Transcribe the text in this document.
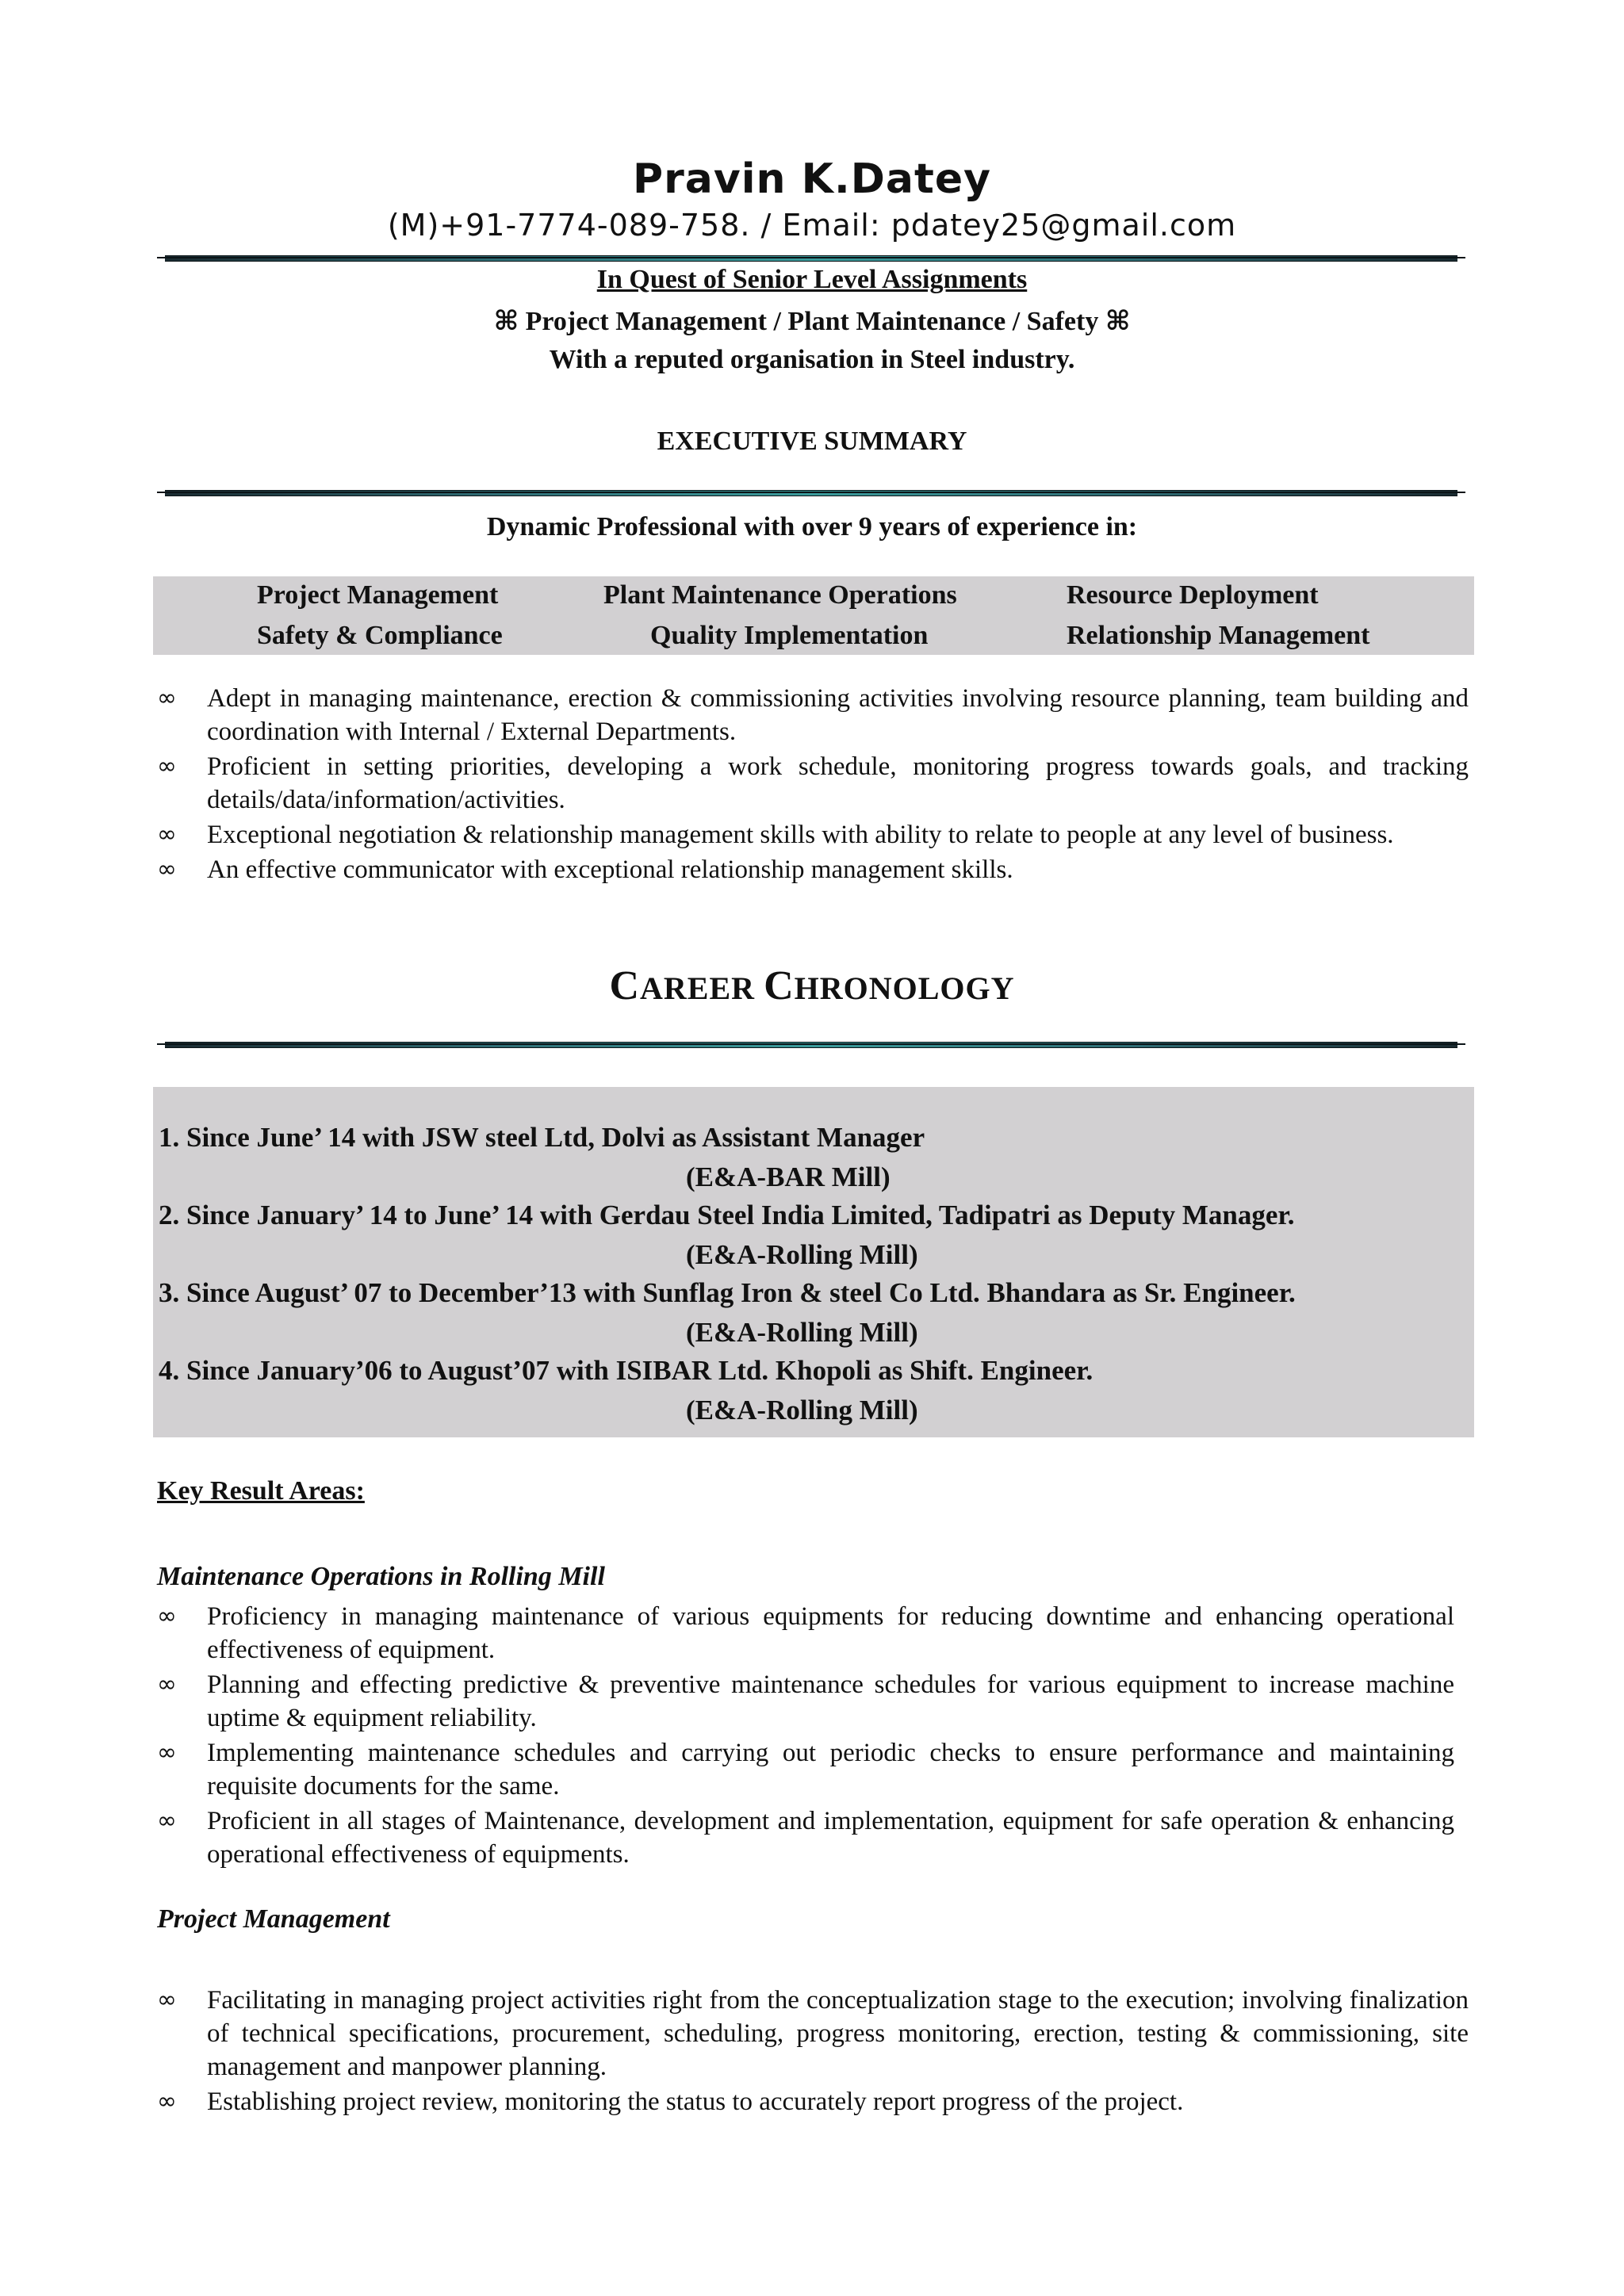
Pravin K.Datey
(M)+91-7774-089-758. / Email: pdatey25@gmail.com
In Quest of Senior Level Assignments
⌘ Project Management / Plant Maintenance / Safety ⌘
With a reputed organisation in Steel industry.
EXECUTIVE SUMMARY
Dynamic Professional with over 9 years of experience in:
Project Management	Plant Maintenance Operations	Resource Deployment
Safety & Compliance	Quality Implementation	Relationship Management
∞	Adept in managing maintenance, erection & commissioning activities involving resource planning, team building and coordination with Internal / External Departments.
∞	Proficient in setting priorities, developing a work schedule, monitoring progress towards goals, and tracking details/data/information/activities.
∞	Exceptional negotiation & relationship management skills with ability to relate to people at any level of business.
∞	An effective communicator with exceptional relationship management skills.
CAREER CHRONOLOGY
1. Since June’ 14 with JSW steel Ltd, Dolvi as Assistant Manager
(E&A-BAR Mill)
2. Since January’ 14 to June’ 14 with Gerdau Steel India Limited, Tadipatri as Deputy Manager.
(E&A-Rolling Mill)
3. Since August’ 07 to December’13 with Sunflag Iron & steel Co Ltd. Bhandara as Sr. Engineer.
(E&A-Rolling Mill)
4. Since January’06 to August’07 with ISIBAR Ltd. Khopoli as Shift. Engineer.
(E&A-Rolling Mill)
Key Result Areas:
Maintenance Operations in Rolling Mill
∞	Proficiency in managing maintenance of various equipments for reducing downtime and enhancing operational effectiveness of equipment.
∞	Planning and effecting predictive & preventive maintenance schedules for various equipment to increase machine uptime & equipment reliability.
∞	Implementing maintenance schedules and carrying out periodic checks to ensure performance and maintaining requisite documents for the same.
∞	Proficient in all stages of Maintenance, development and implementation, equipment for safe operation & enhancing operational effectiveness of equipments.
Project Management
∞	Facilitating in managing project activities right from the conceptualization stage to the execution; involving finalization of technical specifications, procurement, scheduling, progress monitoring, erection, testing & commissioning, site management and manpower planning.
∞	Establishing project review, monitoring the status to accurately report progress of the project.
